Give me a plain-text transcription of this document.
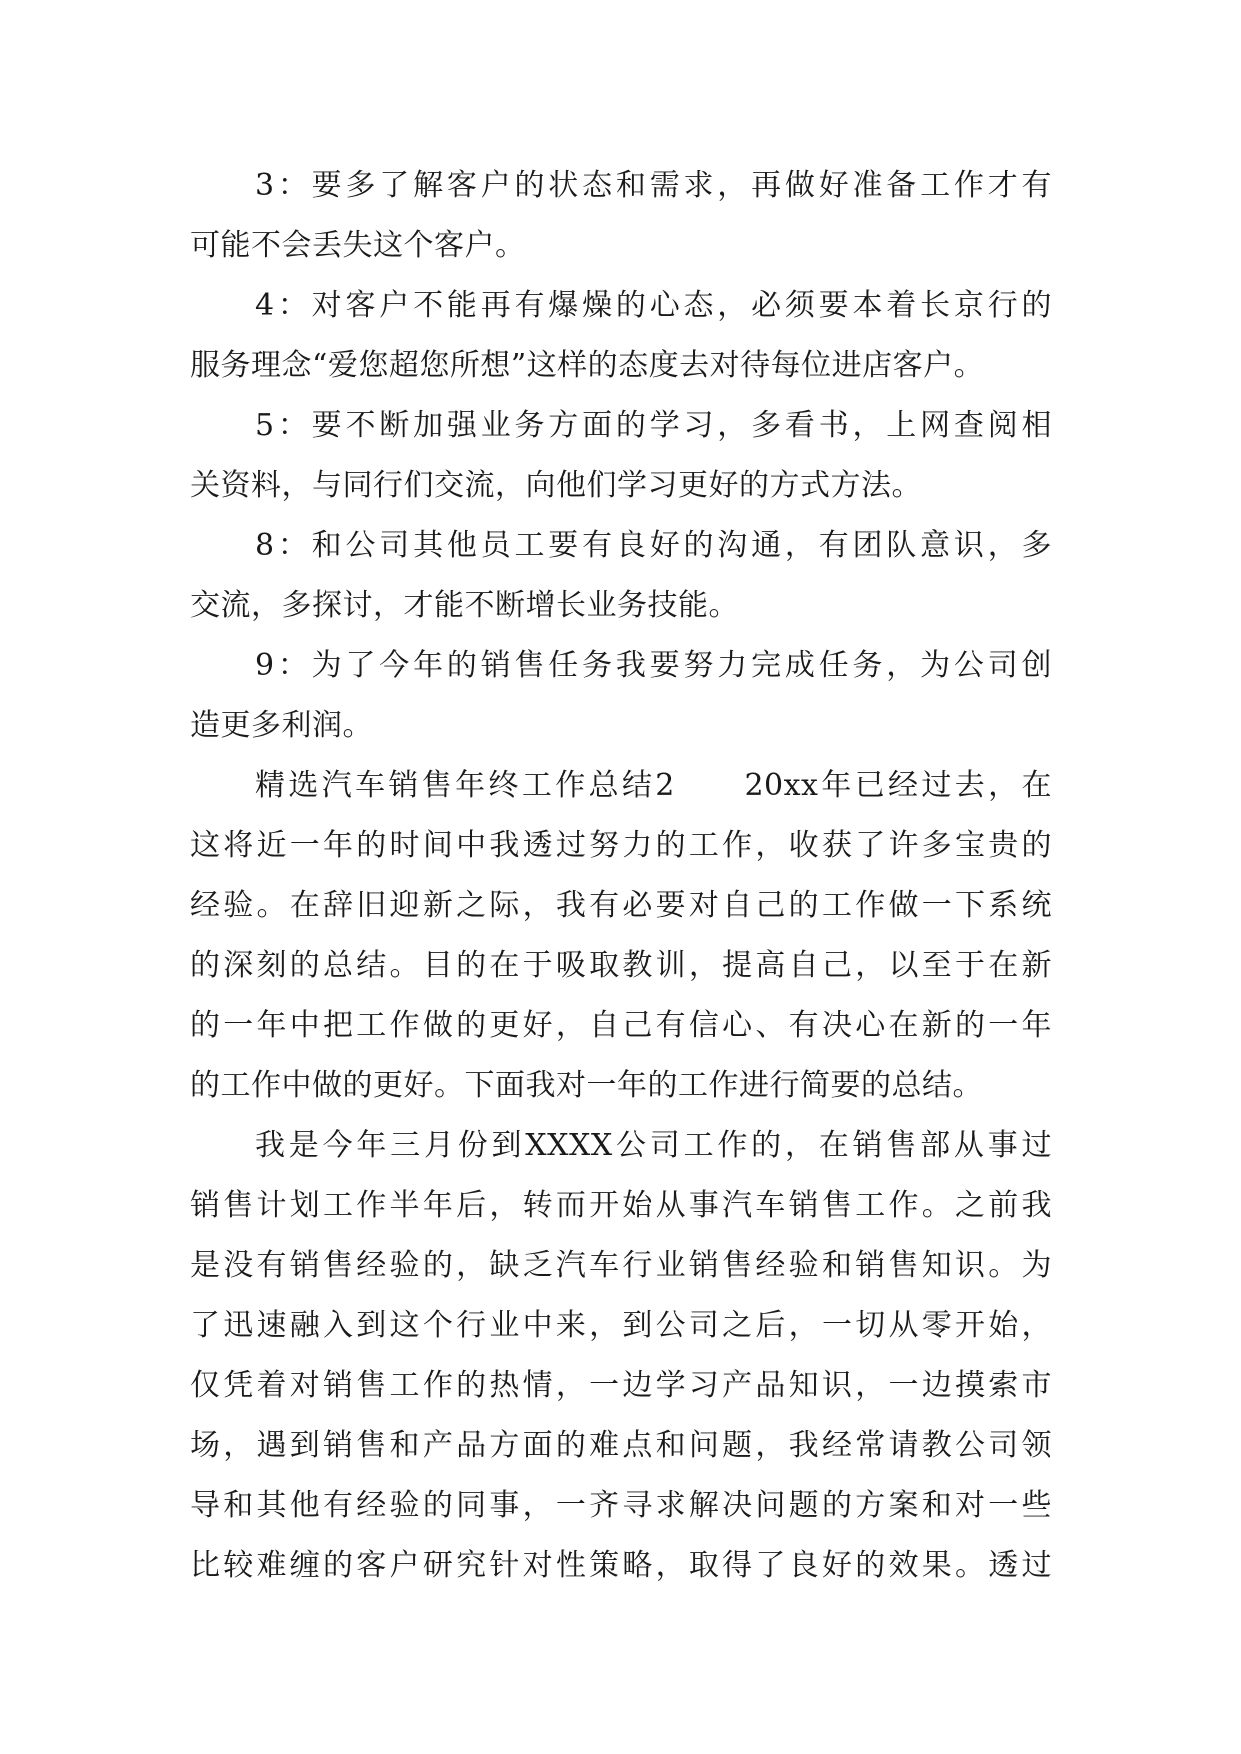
3：要多了解客户的状态和需求，再做好准备工作才有
可能不会丢失这个客户。
4：对客户不能再有爆燥的心态，必须要本着长京行的
服务理念“爱您超您所想”这样的态度去对待每位进店客户。
5：要不断加强业务方面的学习，多看书，上网查阅相
关资料，与同行们交流，向他们学习更好的方式方法。
8：和公司其他员工要有良好的沟通，有团队意识，多
交流，多探讨，才能不断增长业务技能。
9：为了今年的销售任务我要努力完成任务，为公司创
造更多利润。
精选汽车销售年终工作总结2　　20xx年已经过去，在
这将近一年的时间中我透过努力的工作，收获了许多宝贵的
经验。在辞旧迎新之际，我有必要对自己的工作做一下系统
的深刻的总结。目的在于吸取教训，提高自己，以至于在新
的一年中把工作做的更好，自己有信心、有决心在新的一年
的工作中做的更好。下面我对一年的工作进行简要的总结。
我是今年三月份到XXXX公司工作的，在销售部从事过
销售计划工作半年后，转而开始从事汽车销售工作。之前我
是没有销售经验的，缺乏汽车行业销售经验和销售知识。为
了迅速融入到这个行业中来，到公司之后，一切从零开始，
仅凭着对销售工作的热情，一边学习产品知识，一边摸索市
场，遇到销售和产品方面的难点和问题，我经常请教公司领
导和其他有经验的同事，一齐寻求解决问题的方案和对一些
比较难缠的客户研究针对性策略，取得了良好的效果。透过
